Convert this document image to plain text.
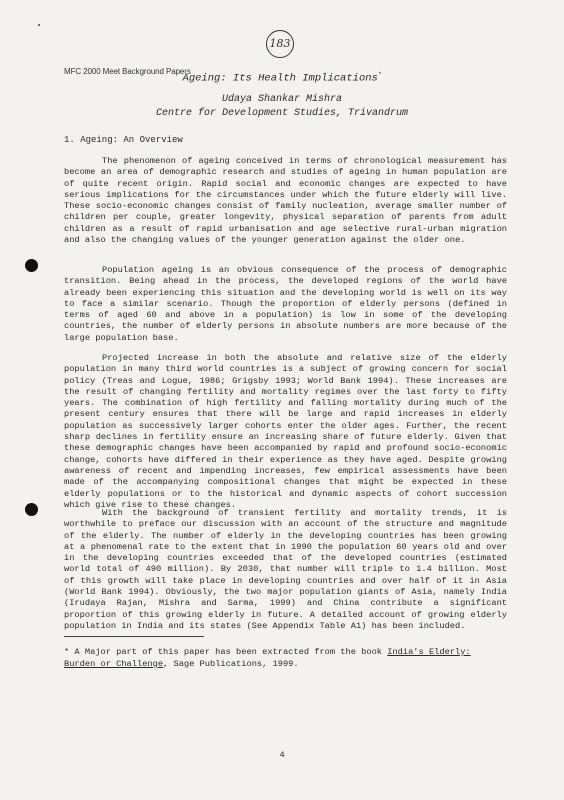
183
MFC 2000 Meet Background Papers
Ageing: Its Health Implications*
Udaya Shankar Mishra
Centre for Development Studies, Trivandrum
1. Ageing: An Overview

The phenomenon of ageing conceived in terms of chronological measurement has become an area of demographic research and studies of ageing in human population are of quite recent origin. Rapid social and economic changes are expected to have serious implications for the circumstances under which the future elderly will live. These socio-economic changes consist of family nucleation, average smaller number of children per couple, greater longevity, physical separation of parents from adult children as a result of rapid urbanisation and age selective rural-urban migration and also the changing values of the younger generation against the older one.

Population ageing is an obvious consequence of the process of demographic transition. Being ahead in the process, the developed regions of the world have already been experiencing this situation and the developing world is well on its way to face a similar scenario. Though the proportion of elderly persons (defined in terms of aged 60 and above in a population) is low in some of the developing countries, the number of elderly persons in absolute numbers are more because of the large population base.

Projected increase in both the absolute and relative size of the elderly population in many third world countries is a subject of growing concern for social policy (Treas and Logue, 1986; Grigsby 1993; World Bank 1994). These increases are the result of changing fertility and mortality regimes over the last forty to fifty years. The combination of high fertility and falling mortality during much of the present century ensures that there will be large and rapid increases in elderly population as successively larger cohorts enter the older ages. Further, the recent sharp declines in fertility ensure an increasing share of future elderly. Given that these demographic changes have been accompanied by rapid and profound socio-economic change, cohorts have differed in their experience as they have aged. Despite growing awareness of recent and impending increases, few empirical assessments have been made of the accompanying compositional changes that might be expected in these elderly populations or to the historical and dynamic aspects of cohort succession which give rise to these changes.

With the background of transient fertility and mortality trends, it is worthwhile to preface our discussion with an account of the structure and magnitude of the elderly. The number of elderly in the developing countries has been growing at a phenomenal rate to the extent that in 1990 the population 60 years old and over in the developing countries exceeded that of the developed countries (estimated world total of 490 million). By 2030, that number will triple to 1.4 billion. Most of this growth will take place in developing countries and over half of it in Asia (World Bank 1994). Obviously, the two major population giants of Asia, namely India (Irudaya Rajan, Mishra and Sarma, 1999) and China contribute a significant proportion of this growing elderly in future. A detailed account of growing elderly population in India and its states (See Appendix Table A1) has been included.

* A Major part of this paper has been extracted from the book India's Elderly: Burden or Challenge, Sage Publications, 1999.

4
